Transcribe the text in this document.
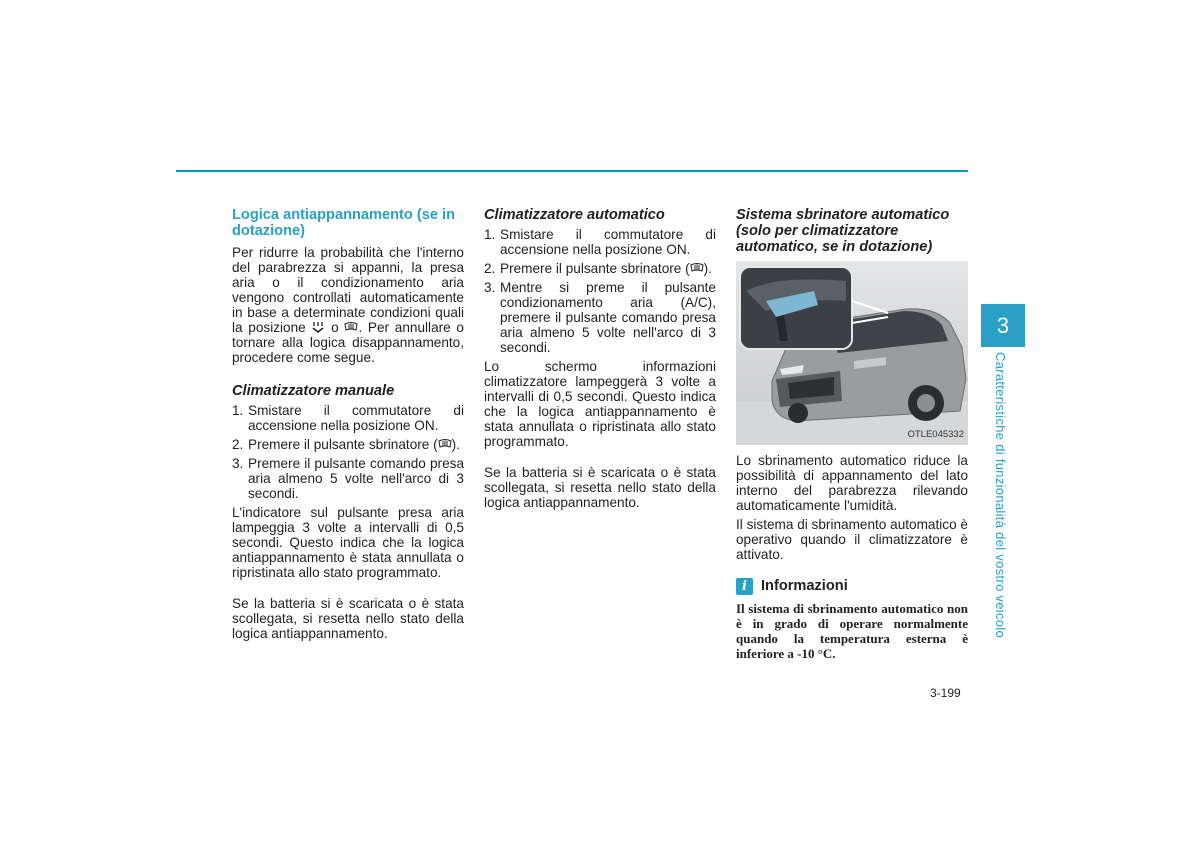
Logica antiappannamento (se in dotazione)

Per ridurre la probabilità che l'interno del parabrezza si appanni, la presa aria o il condizionamento aria vengono controllati automaticamente in base a determinate condizioni quali la posizione  o . Per annullare o tornare alla logica disappannamento, procedere come segue.

Climatizzatore manuale
1. Smistare il commutatore di accensione nella posizione ON.
2. Premere il pulsante sbrinatore ( ).
3. Premere il pulsante comando presa aria almeno 5 volte nell'arco di 3 secondi.

L'indicatore sul pulsante presa aria lampeggia 3 volte a intervalli di 0,5 secondi. Questo indica che la logica antiappannamento è stata annullata o ripristinata allo stato programmato.

Se la batteria si è scaricata o è stata scollegata, si resetta nello stato della logica antiappannamento.

Climatizzatore automatico
1. Smistare il commutatore di accensione nella posizione ON.
2. Premere il pulsante sbrinatore ( ).
3. Mentre si preme il pulsante condizionamento aria (A/C), premere il pulsante comando presa aria almeno 5 volte nell'arco di 3 secondi.

Lo schermo informazioni climatizzatore lampeggerà 3 volte a intervalli di 0,5 secondi. Questo indica che la logica antiappannamento è stata annullata o ripristinata allo stato programmato.

Se la batteria si è scaricata o è stata scollegata, si resetta nello stato della logica antiappannamento.

Sistema sbrinatore automatico (solo per climatizzatore automatico, se in dotazione)
OTLE045332

Lo sbrinamento automatico riduce la possibilità di appannamento del lato interno del parabrezza rilevando automaticamente l'umidità.

Il sistema di sbrinamento automatico è operativo quando il climatizzatore è attivato.

i Informazioni
Il sistema di sbrinamento automatico non è in grado di operare normalmente quando la temperatura esterna è inferiore a -10 °C.
3
Caratteristiche di funzionalità del vostro veicolo
3-199
